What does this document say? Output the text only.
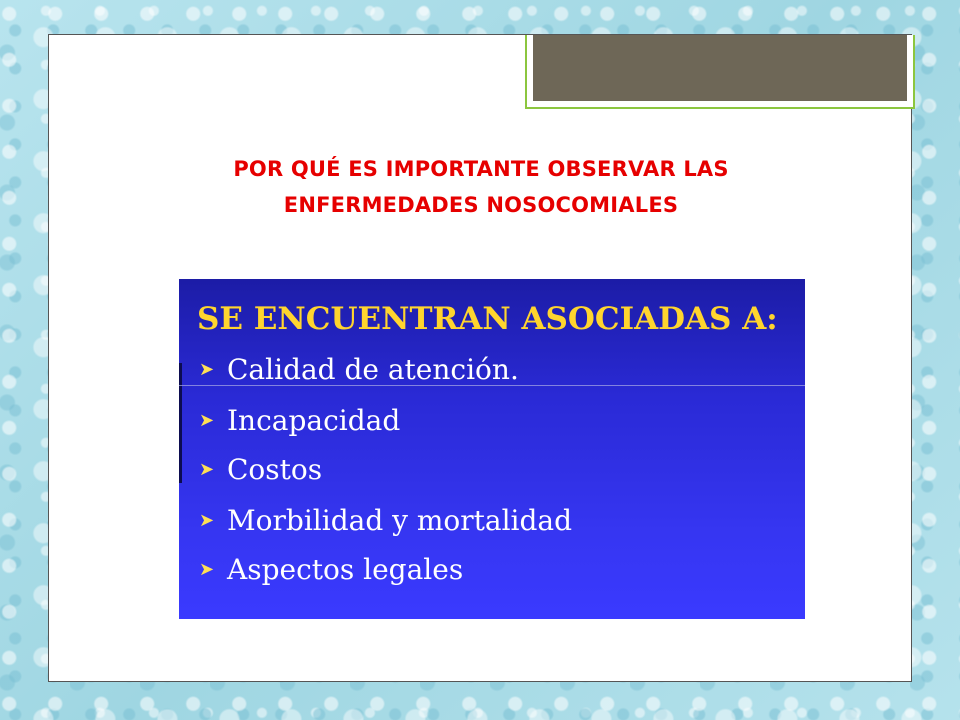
POR QUÉ ES IMPORTANTE OBSERVAR LAS
ENFERMEDADES NOSOCOMIALES
SE ENCUENTRAN ASOCIADAS A:
➤ Calidad de atención.
➤ Incapacidad
➤ Costos
➤ Morbilidad y mortalidad
➤ Aspectos legales
